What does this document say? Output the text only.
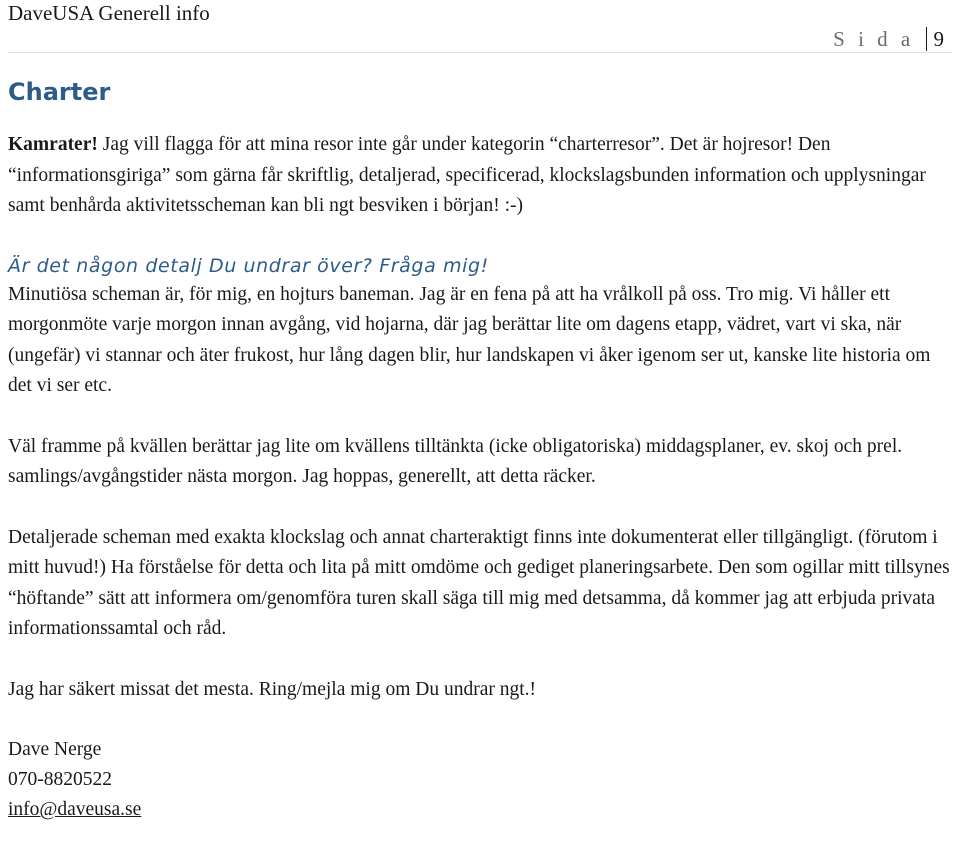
DaveUSA Generell info
S i d a 9
Charter

Kamrater! Jag vill flagga för att mina resor inte går under kategorin “charterresor”. Det är hojresor! Den “informationsgiriga” som gärna får skriftlig, detaljerad, specificerad, klockslagsbunden information och upplysningar samt benhårda aktivitetsscheman kan bli ngt besviken i början! :-)

Är det någon detalj Du undrar över? Fråga mig!

Minutiösa scheman är, för mig, en hojturs baneman. Jag är en fena på att ha vrålkoll på oss. Tro mig. Vi håller ett morgonmöte varje morgon innan avgång, vid hojarna, där jag berättar lite om dagens etapp, vädret, vart vi ska, när (ungefär) vi stannar och äter frukost, hur lång dagen blir, hur landskapen vi åker igenom ser ut, kanske lite historia om det vi ser etc.

Väl framme på kvällen berättar jag lite om kvällens tilltänkta (icke obligatoriska) middagsplaner, ev. skoj och prel. samlings/avgångstider nästa morgon. Jag hoppas, generellt, att detta räcker.

Detaljerade scheman med exakta klockslag och annat charteraktigt finns inte dokumenterat eller tillgängligt. (förutom i mitt huvud!) Ha förståelse för detta och lita på mitt omdöme och gediget planeringsarbete. Den som ogillar mitt tillsynes “höftande” sätt att informera om/genomföra turen skall säga till mig med detsamma, då kommer jag att erbjuda privata informationssamtal och råd.

Jag har säkert missat det mesta. Ring/mejla mig om Du undrar ngt.!

Dave Nerge
070-8820522
info@daveusa.se
